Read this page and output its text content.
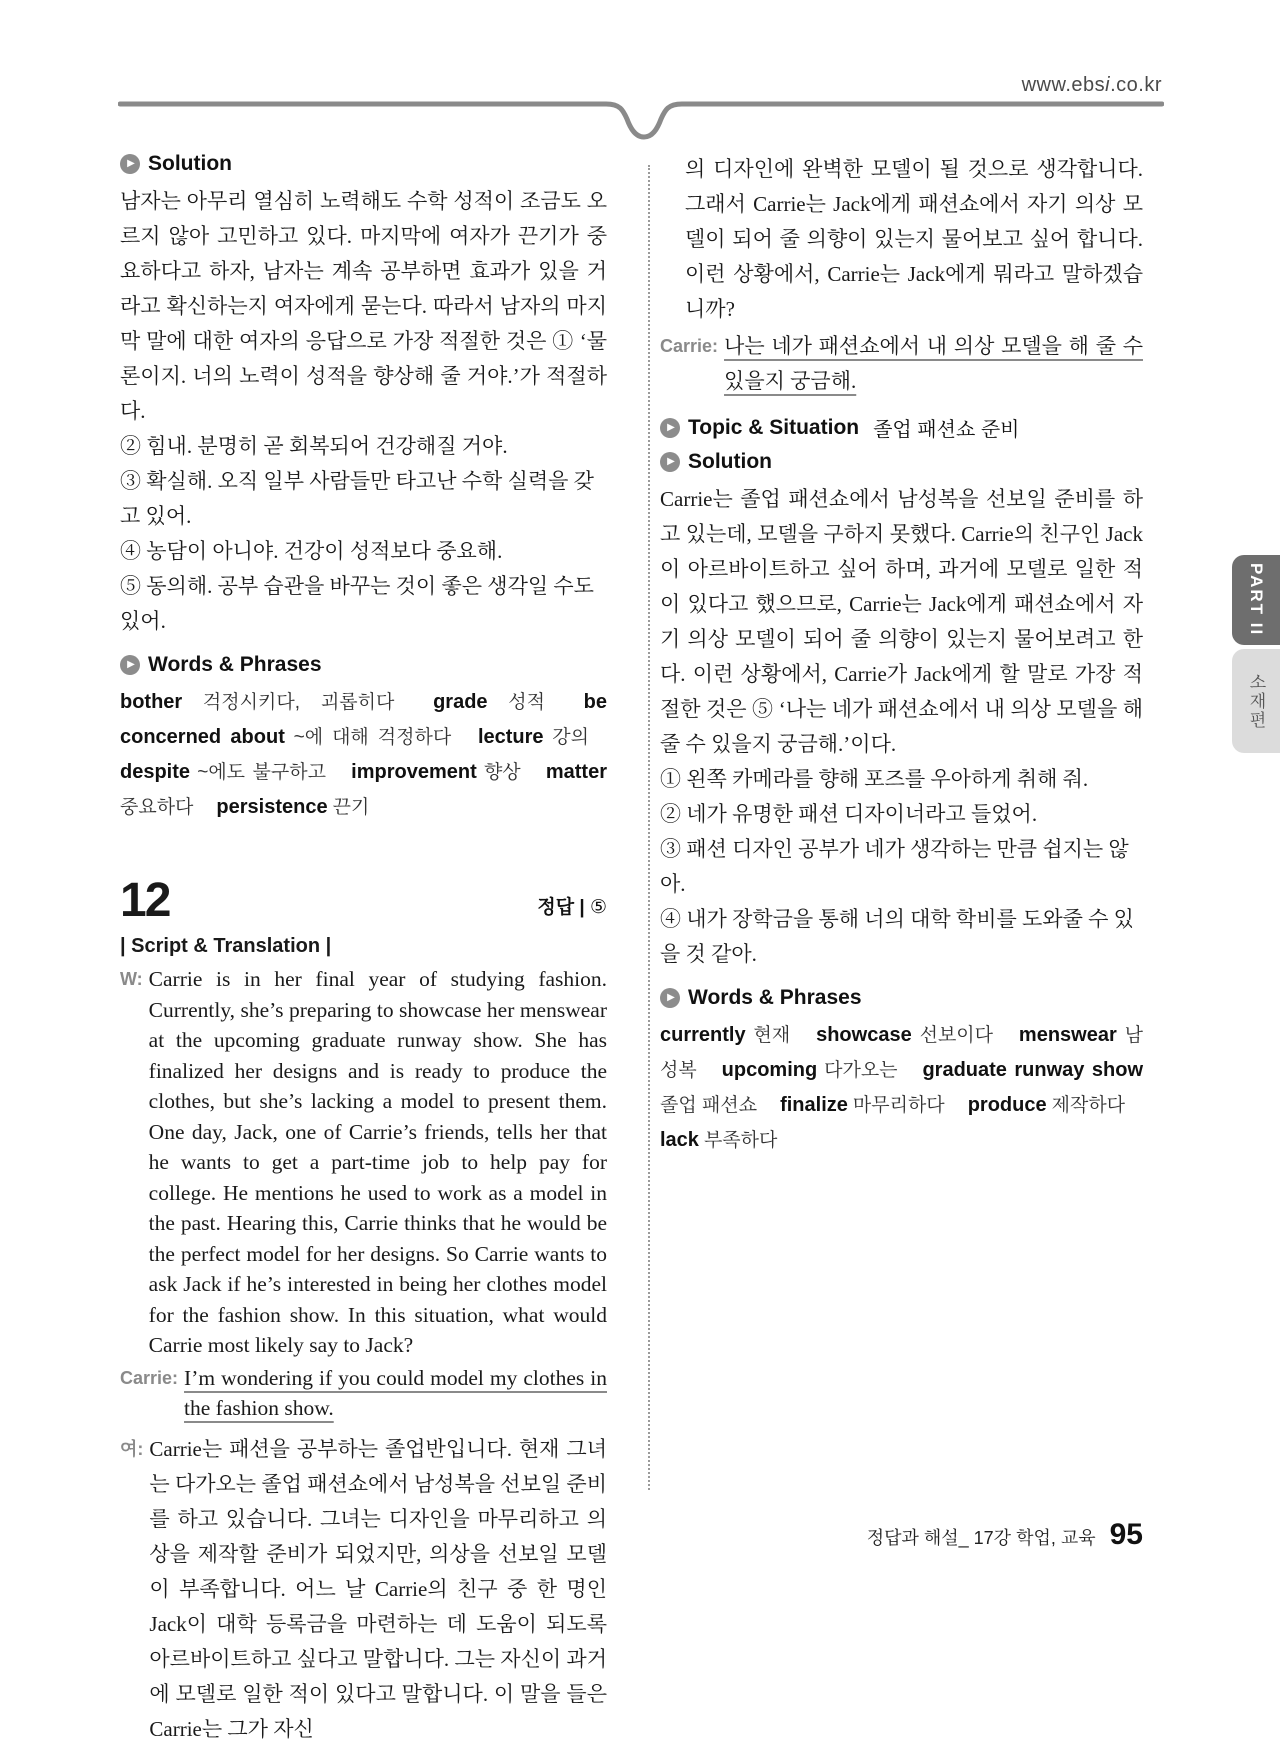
www.ebsi.co.kr
▶ Solution
남자는 아무리 열심히 노력해도 수학 성적이 조금도 오르지 않아 고민하고 있다. 마지막에 여자가 끈기가 중요하다고 하자, 남자는 계속 공부하면 효과가 있을 거라고 확신하는지 여자에게 묻는다. 따라서 남자의 마지막 말에 대한 여자의 응답으로 가장 적절한 것은 ① ‘물론이지. 너의 노력이 성적을 향상해 줄 거야.’가 적절하다.
② 힘내. 분명히 곧 회복되어 건강해질 거야.
③ 확실해. 오직 일부 사람들만 타고난 수학 실력을 갖고 있어.
④ 농담이 아니야. 건강이 성적보다 중요해.
⑤ 동의해. 공부 습관을 바꾸는 것이 좋은 생각일 수도 있어.
▶ Words & Phrases
bother 걱정시키다, 괴롭히다 grade 성적 be concerned about ~에 대해 걱정하다 lecture 강의 despite ~에도 불구하고 improvement 향상 matter 중요하다 persistence 끈기
12	정답 | ⑤
| Script & Translation |
W: Carrie is in her final year of studying fashion. Currently, she’s preparing to showcase her menswear at the upcoming graduate runway show. She has finalized her designs and is ready to produce the clothes, but she’s lacking a model to present them. One day, Jack, one of Carrie’s friends, tells her that he wants to get a part-time job to help pay for college. He mentions he used to work as a model in the past. Hearing this, Carrie thinks that he would be the perfect model for her designs. So Carrie wants to ask Jack if he’s interested in being her clothes model for the fashion show. In this situation, what would Carrie most likely say to Jack?
Carrie: I’m wondering if you could model my clothes in the fashion show.
여: Carrie는 패션을 공부하는 졸업반입니다. 현재 그녀는 다가오는 졸업 패션쇼에서 남성복을 선보일 준비를 하고 있습니다. 그녀는 디자인을 마무리하고 의상을 제작할 준비가 되었지만, 의상을 선보일 모델이 부족합니다. 어느 날 Carrie의 친구 중 한 명인 Jack이 대학 등록금을 마련하는 데 도움이 되도록 아르바이트하고 싶다고 말합니다. 그는 자신이 과거에 모델로 일한 적이 있다고 말합니다. 이 말을 들은 Carrie는 그가 자신
의 디자인에 완벽한 모델이 될 것으로 생각합니다. 그래서 Carrie는 Jack에게 패션쇼에서 자기 의상 모델이 되어 줄 의향이 있는지 물어보고 싶어 합니다. 이런 상황에서, Carrie는 Jack에게 뭐라고 말하겠습니까?
Carrie: 나는 네가 패션쇼에서 내 의상 모델을 해 줄 수 있을지 궁금해.
▶ Topic & Situation 졸업 패션쇼 준비
▶ Solution
Carrie는 졸업 패션쇼에서 남성복을 선보일 준비를 하고 있는데, 모델을 구하지 못했다. Carrie의 친구인 Jack이 아르바이트하고 싶어 하며, 과거에 모델로 일한 적이 있다고 했으므로, Carrie는 Jack에게 패션쇼에서 자기 의상 모델이 되어 줄 의향이 있는지 물어보려고 한다. 이런 상황에서, Carrie가 Jack에게 할 말로 가장 적절한 것은 ⑤ ‘나는 네가 패션쇼에서 내 의상 모델을 해 줄 수 있을지 궁금해.’이다.
① 왼쪽 카메라를 향해 포즈를 우아하게 취해 줘.
② 네가 유명한 패션 디자이너라고 들었어.
③ 패션 디자인 공부가 네가 생각하는 만큼 쉽지는 않아.
④ 내가 장학금을 통해 너의 대학 학비를 도와줄 수 있을 것 같아.
▶ Words & Phrases
currently 현재 showcase 선보이다 menswear 남성복 upcoming 다가오는 graduate runway show 졸업 패션쇼 finalize 마무리하다 produce 제작하다 lack 부족하다
PART II
소재편
정답과 해설_ 17강 학업, 교육 95
